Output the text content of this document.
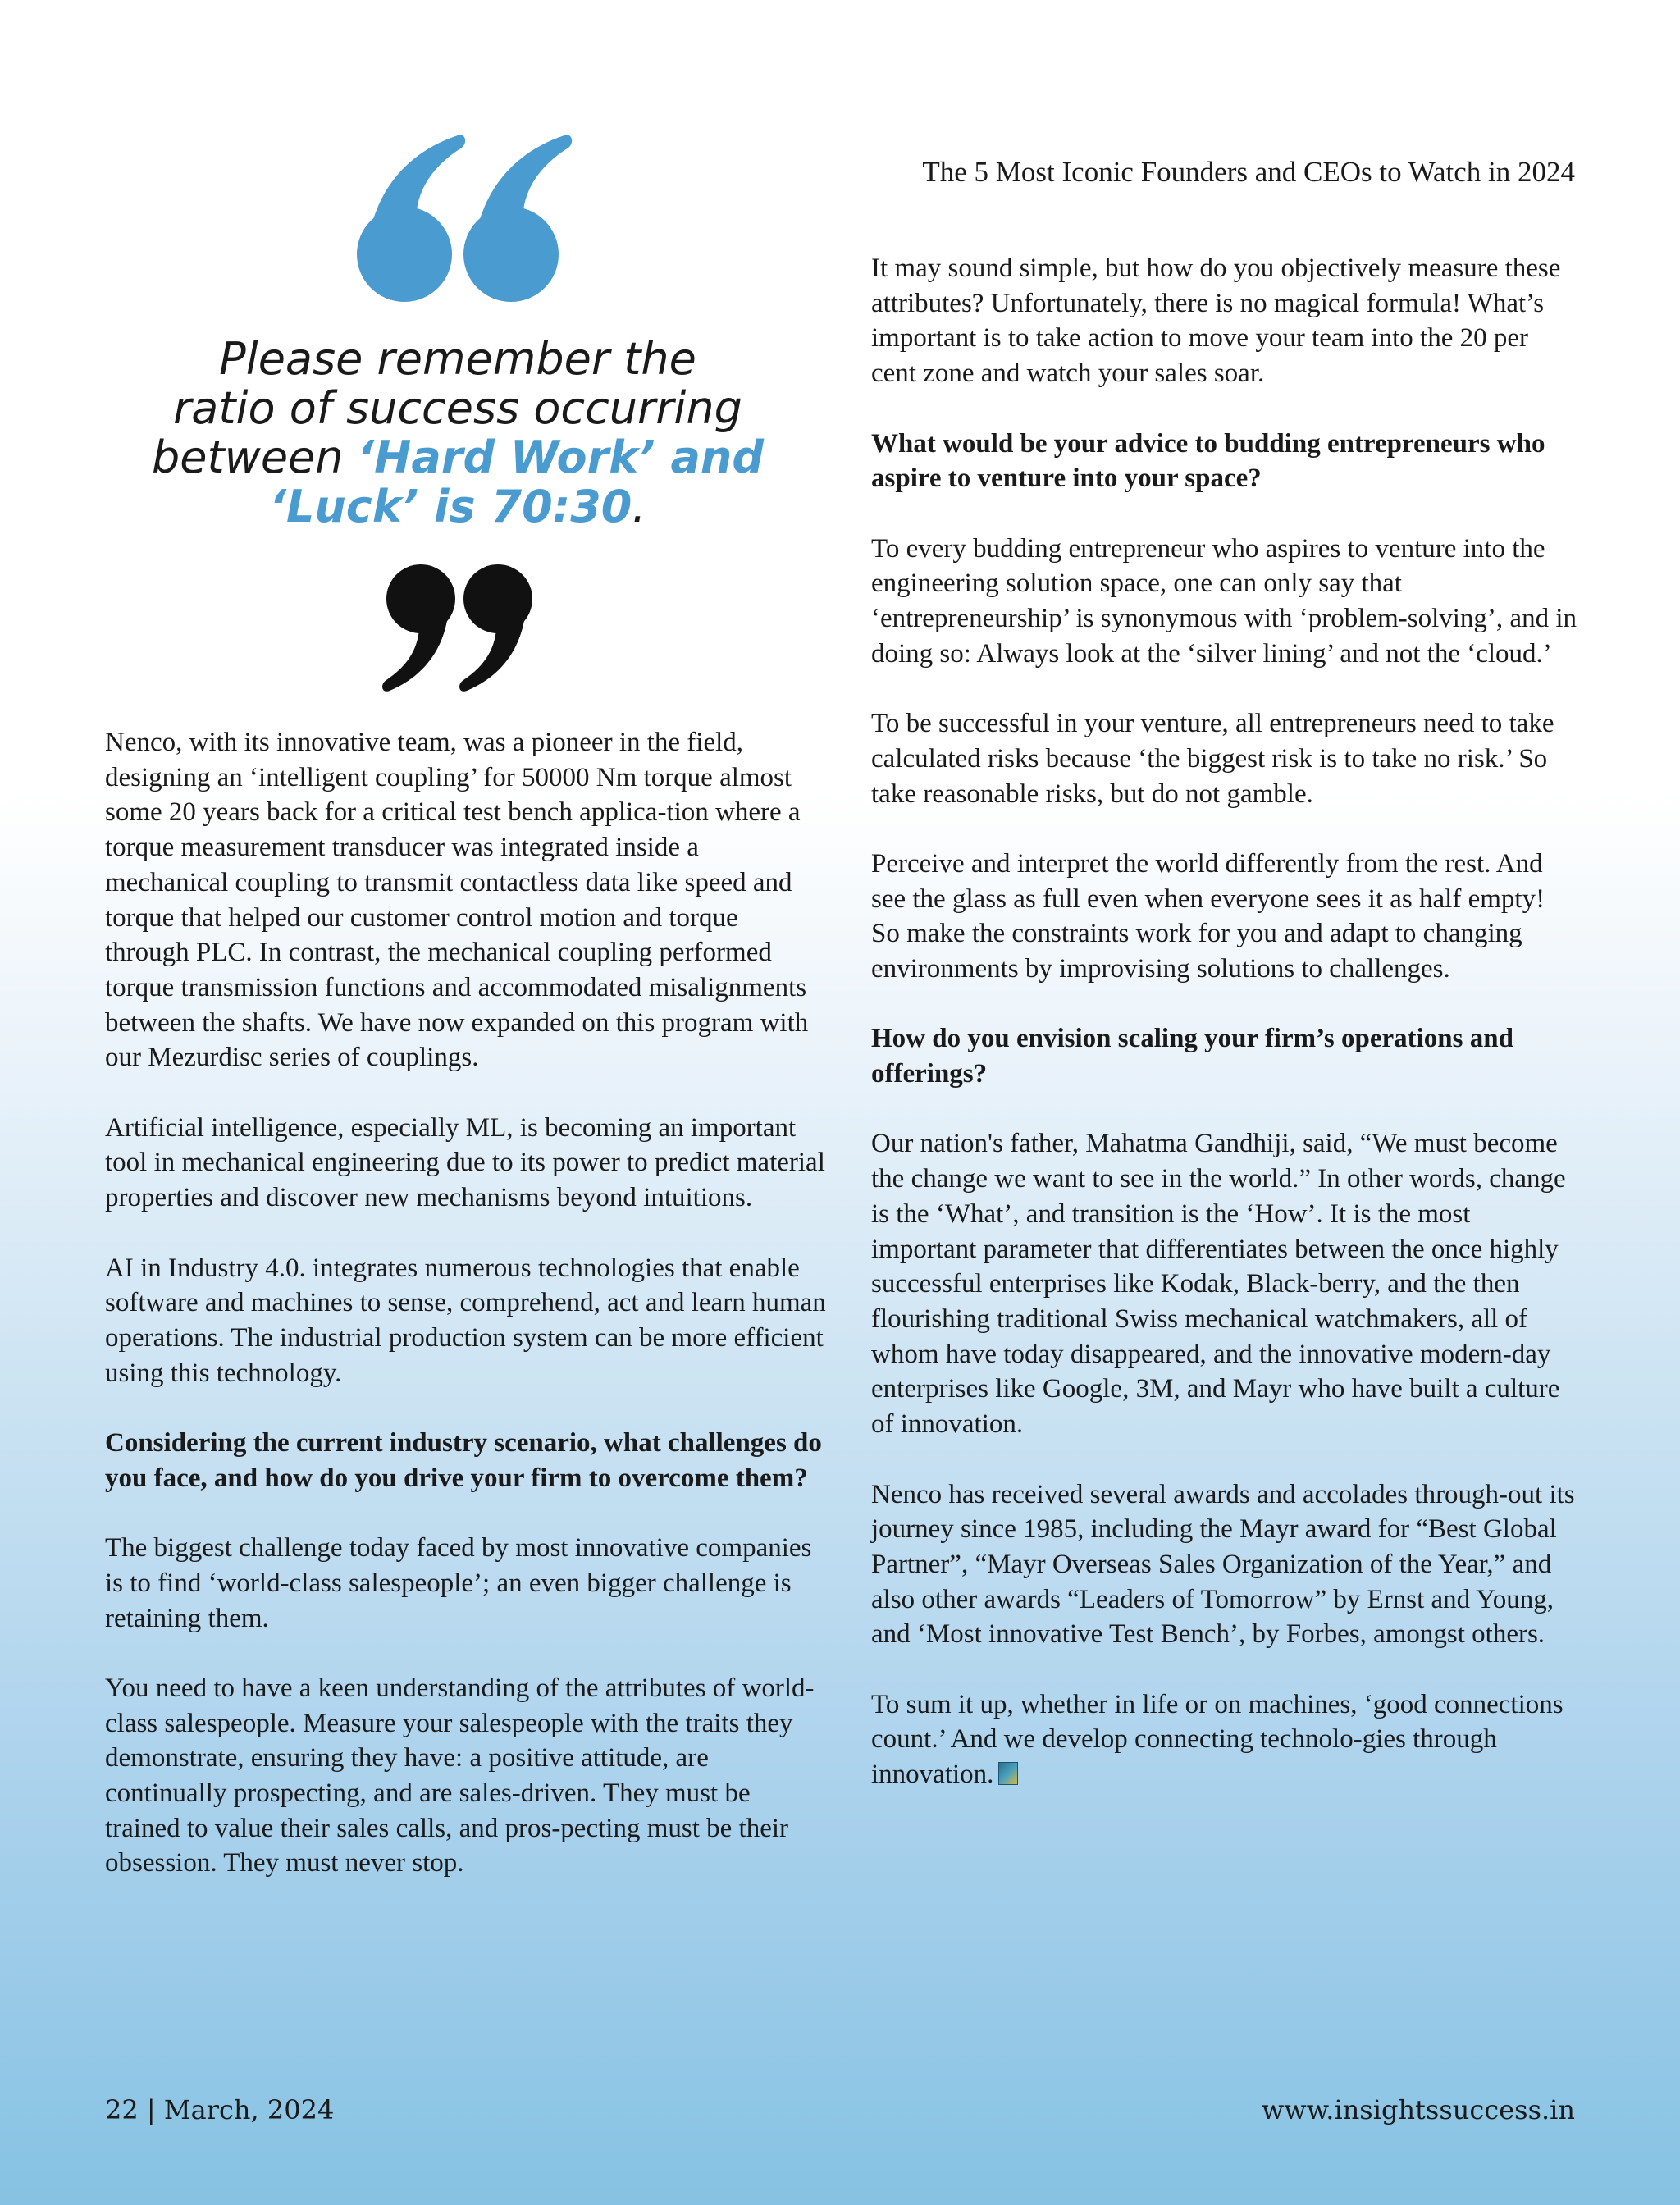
The 5 Most Iconic Founders and CEOs to Watch in 2024
Please remember the
ratio of success occurring
between ‘Hard Work’ and
‘Luck’ is 70:30.

Nenco, with its innovative team, was a pioneer in the field, designing an ‘intelligent coupling’ for 50000 Nm torque almost some 20 years back for a critical test bench applica-tion where a torque measurement transducer was integrated inside a mechanical coupling to transmit contactless data like speed and torque that helped our customer control motion and torque through PLC. In contrast, the mechanical coupling performed torque transmission functions and accommodated misalignments between the shafts. We have now expanded on this program with our Mezurdisc series of couplings.

Artificial intelligence, especially ML, is becoming an important tool in mechanical engineering due to its power to predict material properties and discover new mechanisms beyond intuitions.

AI in Industry 4.0. integrates numerous technologies that enable software and machines to sense, comprehend, act and learn human operations. The industrial production system can be more efficient using this technology.

Considering the current industry scenario, what challenges do you face, and how do you drive your firm to overcome them?

The biggest challenge today faced by most innovative companies is to find ‘world-class salespeople’; an even bigger challenge is retaining them.

You need to have a keen understanding of the attributes of world-class salespeople. Measure your salespeople with the traits they demonstrate, ensuring they have: a positive attitude, are continually prospecting, and are sales-driven. They must be trained to value their sales calls, and pros-pecting must be their obsession. They must never stop.

It may sound simple, but how do you objectively measure these attributes? Unfortunately, there is no magical formula! What’s important is to take action to move your team into the 20 per cent zone and watch your sales soar.

What would be your advice to budding entrepreneurs who aspire to venture into your space?

To every budding entrepreneur who aspires to venture into the engineering solution space, one can only say that ‘entrepreneurship’ is synonymous with ‘problem-solving’, and in doing so: Always look at the ‘silver lining’ and not the ‘cloud.’

To be successful in your venture, all entrepreneurs need to take calculated risks because ‘the biggest risk is to take no risk.’ So take reasonable risks, but do not gamble.

Perceive and interpret the world differently from the rest. And see the glass as full even when everyone sees it as half empty! So make the constraints work for you and adapt to changing environments by improvising solutions to challenges.

How do you envision scaling your firm’s operations and offerings?

Our nation's father, Mahatma Gandhiji, said, “We must become the change we want to see in the world.” In other words, change is the ‘What’, and transition is the ‘How’. It is the most important parameter that differentiates between the once highly successful enterprises like Kodak, Black-berry, and the then flourishing traditional Swiss mechanical watchmakers, all of whom have today disappeared, and the innovative modern-day enterprises like Google, 3M, and Mayr who have built a culture of innovation.

Nenco has received several awards and accolades through-out its journey since 1985, including the Mayr award for “Best Global Partner”, “Mayr Overseas Sales Organization of the Year,” and also other awards “Leaders of Tomorrow” by Ernst and Young, and ‘Most innovative Test Bench’, by Forbes, amongst others.

To sum it up, whether in life or on machines, ‘good connections count.’ And we develop connecting technolo-gies through innovation.

22 | March, 2024	www.insightssuccess.in
